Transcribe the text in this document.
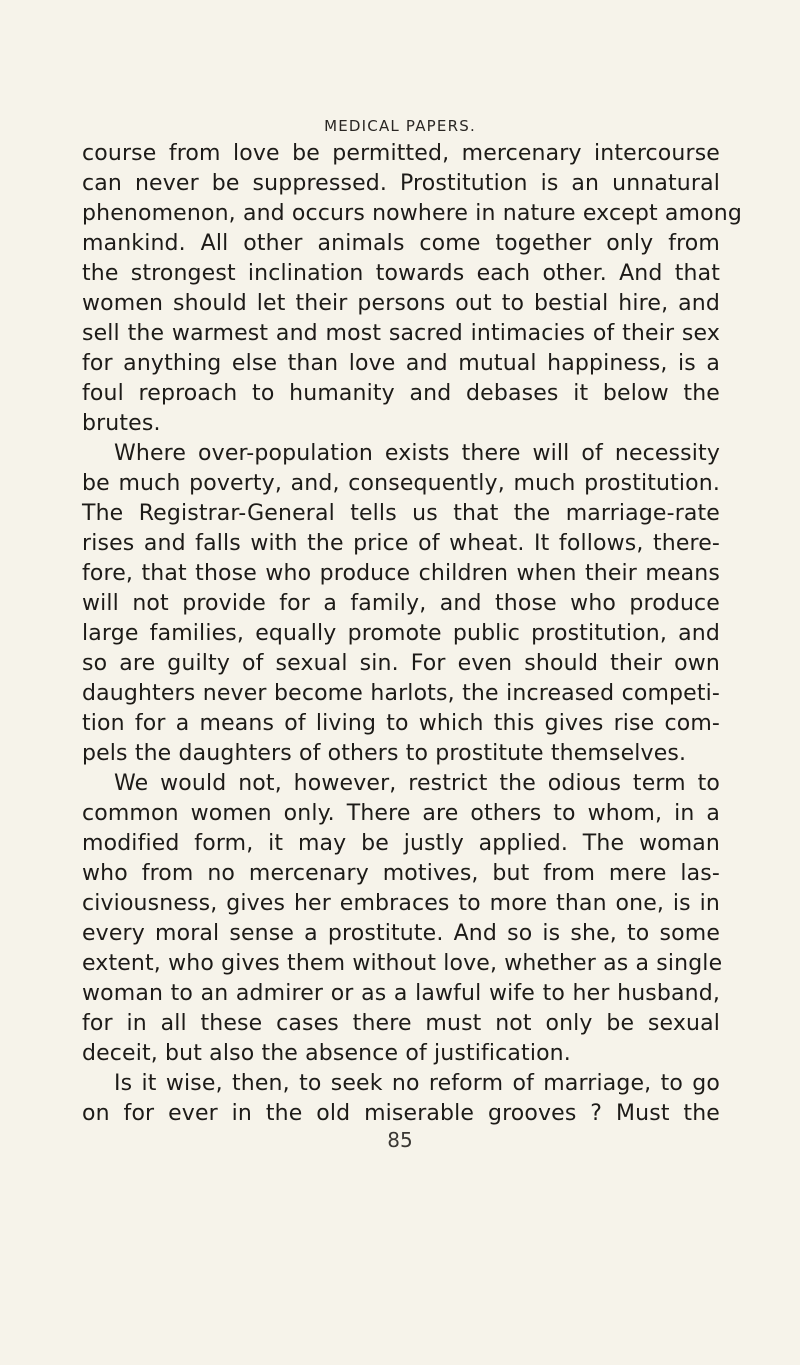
MEDICAL PAPERS.
course from love be permitted, mercenary intercourse
can never be suppressed. Prostitution is an unnatural
phenomenon, and occurs nowhere in nature except among
mankind. All other animals come together only from
the strongest inclination towards each other. And that
women should let their persons out to bestial hire, and
sell the warmest and most sacred intimacies of their sex
for anything else than love and mutual happiness, is a
foul reproach to humanity and debases it below the
brutes.
Where over-population exists there will of necessity
be much poverty, and, consequently, much prostitution.
The Registrar-General tells us that the marriage-rate
rises and falls with the price of wheat. It follows, there-
fore, that those who produce children when their means
will not provide for a family, and those who produce
large families, equally promote public prostitution, and
so are guilty of sexual sin. For even should their own
daughters never become harlots, the increased competi-
tion for a means of living to which this gives rise com-
pels the daughters of others to prostitute themselves.
We would not, however, restrict the odious term to
common women only. There are others to whom, in a
modified form, it may be justly applied. The woman
who from no mercenary motives, but from mere las-
civiousness, gives her embraces to more than one, is in
every moral sense a prostitute. And so is she, to some
extent, who gives them without love, whether as a single
woman to an admirer or as a lawful wife to her husband,
for in all these cases there must not only be sexual
deceit, but also the absence of justification.
Is it wise, then, to seek no reform of marriage, to go
on for ever in the old miserable grooves ? Must the
85
